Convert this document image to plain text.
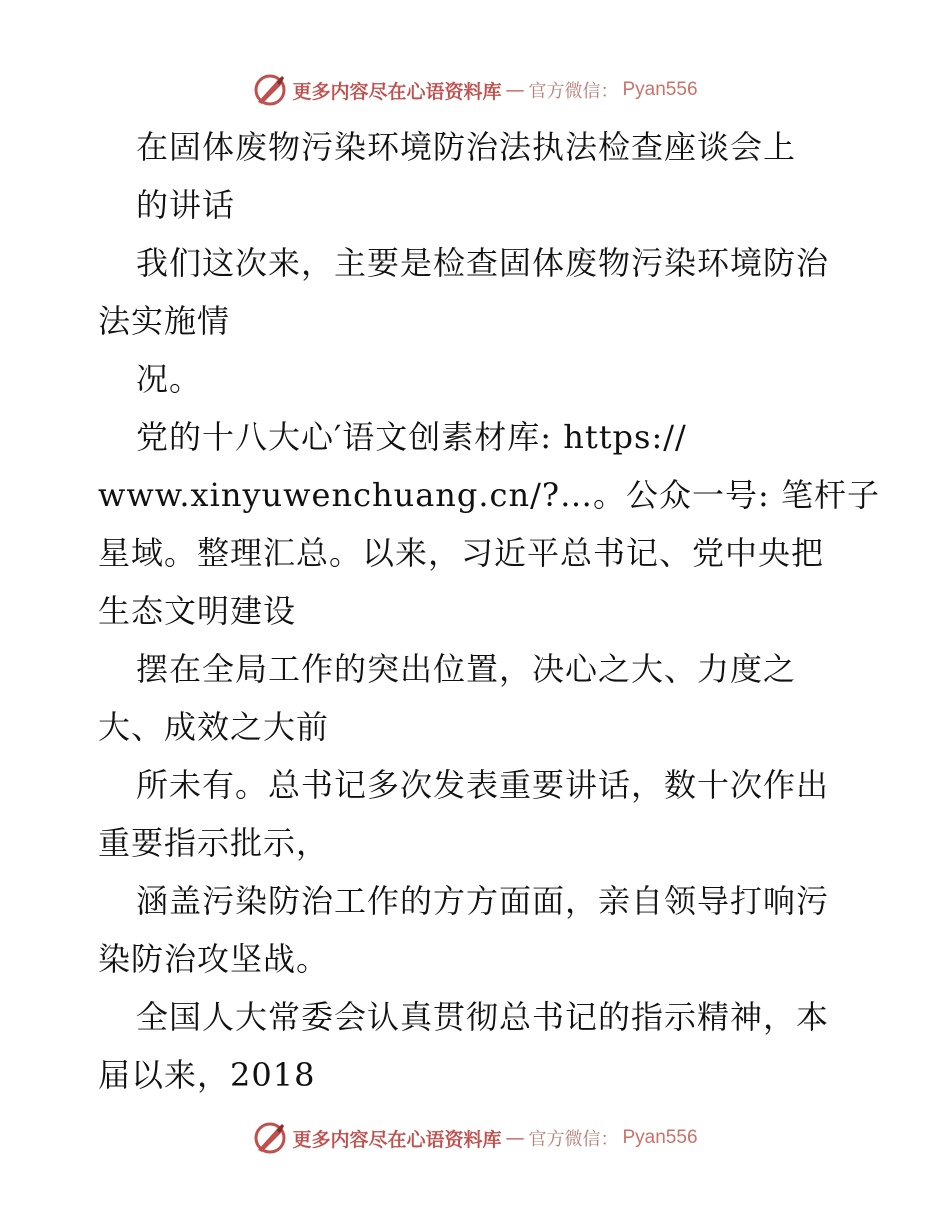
更多内容尽在心语资料库 — 官方微信： Pyan556
在固体废物污染环境防治法执法检查座谈会上
的讲话
我们这次来，主要是检查固体废物污染环境防治
法实施情
况。
党的十八大心′语文创素材库: https://
www.xinyuwenchuang.cn/?…。公众一号: 笔杆子
星域。整理汇总。以来，习近平总书记、党中央把
生态文明建设
摆在全局工作的突出位置，决心之大、力度之
大、成效之大前
所未有。总书记多次发表重要讲话，数十次作出
重要指示批示，
涵盖污染防治工作的方方面面，亲自领导打响污
染防治攻坚战。
全国人大常委会认真贯彻总书记的指示精神，本
届以来，2018
更多内容尽在心语资料库 — 官方微信： Pyan556
